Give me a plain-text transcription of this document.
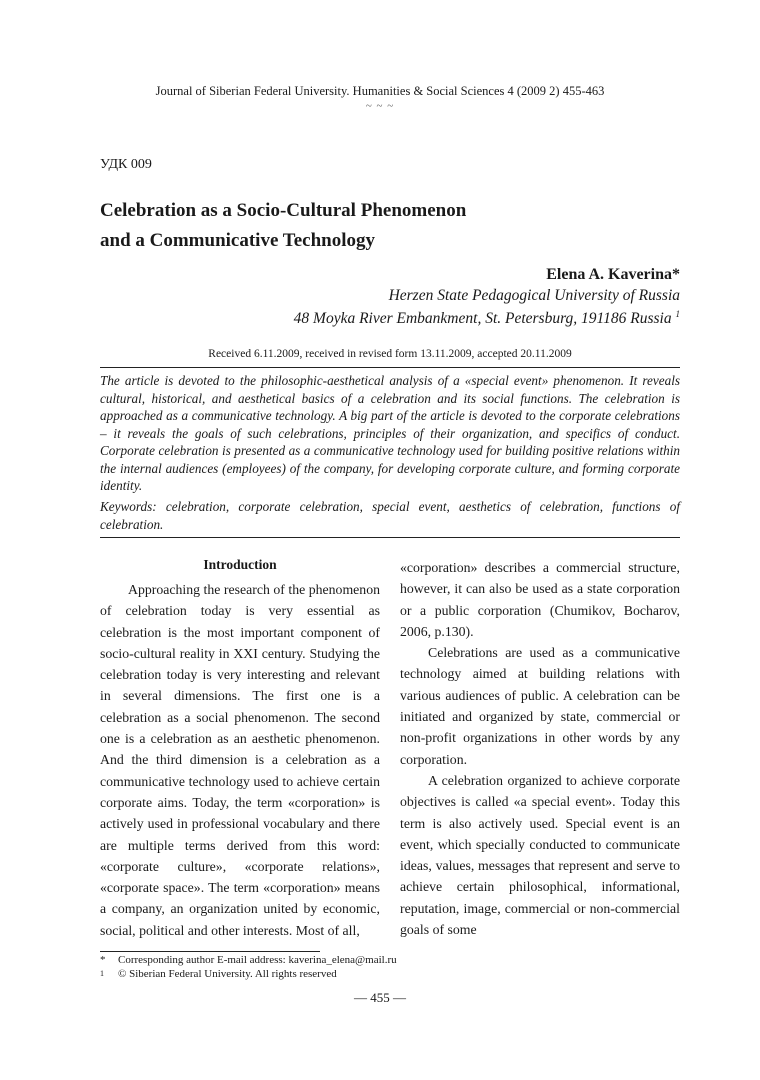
Journal of Siberian Federal University. Humanities & Social Sciences 4 (2009 2) 455-463
~ ~ ~
УДК 009
Celebration as a Socio-Cultural Phenomenon
and a Communicative Technology
Elena A. Kaverina*
Herzen State Pedagogical University of Russia
48 Moyka River Embankment, St. Petersburg, 191186 Russia $^1$
Received 6.11.2009, received in revised form 13.11.2009, accepted 20.11.2009
The article is devoted to the philosophic-aesthetical analysis of a «special event» phenomenon. It reveals cultural, historical, and aesthetical basics of a celebration and its social functions. The celebration is approached as a communicative technology. A big part of the article is devoted to the corporate celebrations – it reveals the goals of such celebrations, principles of their organization, and specifics of conduct. Corporate celebration is presented as a communicative technology used for building positive relations within the internal audiences (employees) of the company, for developing corporate culture, and forming corporate identity.
Keywords: celebration, corporate celebration, special event, aesthetics of celebration, functions of celebration.
Introduction

Approaching the research of the phenomenon of celebration today is very essential as celebration is the most important component of socio-cultural reality in XXI century. Studying the celebration today is very interesting and relevant in several dimensions. The first one is a celebration as a social phenomenon. The second one is a celebration as an aesthetic phenomenon. And the third dimension is a celebration as a communicative technology used to achieve certain corporate aims. Today, the term «corporation» is actively used in professional vocabulary and there are multiple terms derived from this word: «corporate culture», «corporate relations», «corporate space». The term «corporation» means a company, an organization united by economic, social, political and other interests. Most of all,

«corporation» describes a commercial structure, however, it can also be used as a state corporation or a public corporation (Chumikov, Bocharov, 2006, p.130).

Celebrations are used as a communicative technology aimed at building relations with various audiences of public. A celebration can be initiated and organized by state, commercial or non-profit organizations in other words by any corporation.

A celebration organized to achieve corporate objectives is called «a special event». Today this term is also actively used. Special event is an event, which specially conducted to communicate ideas, values, messages that represent and serve to achieve certain philosophical, informational, reputation, image, commercial or non-commercial goals of some

* Corresponding author E-mail address: kaverina_elena@mail.ru
1 © Siberian Federal University. All rights reserved
— 455 —
